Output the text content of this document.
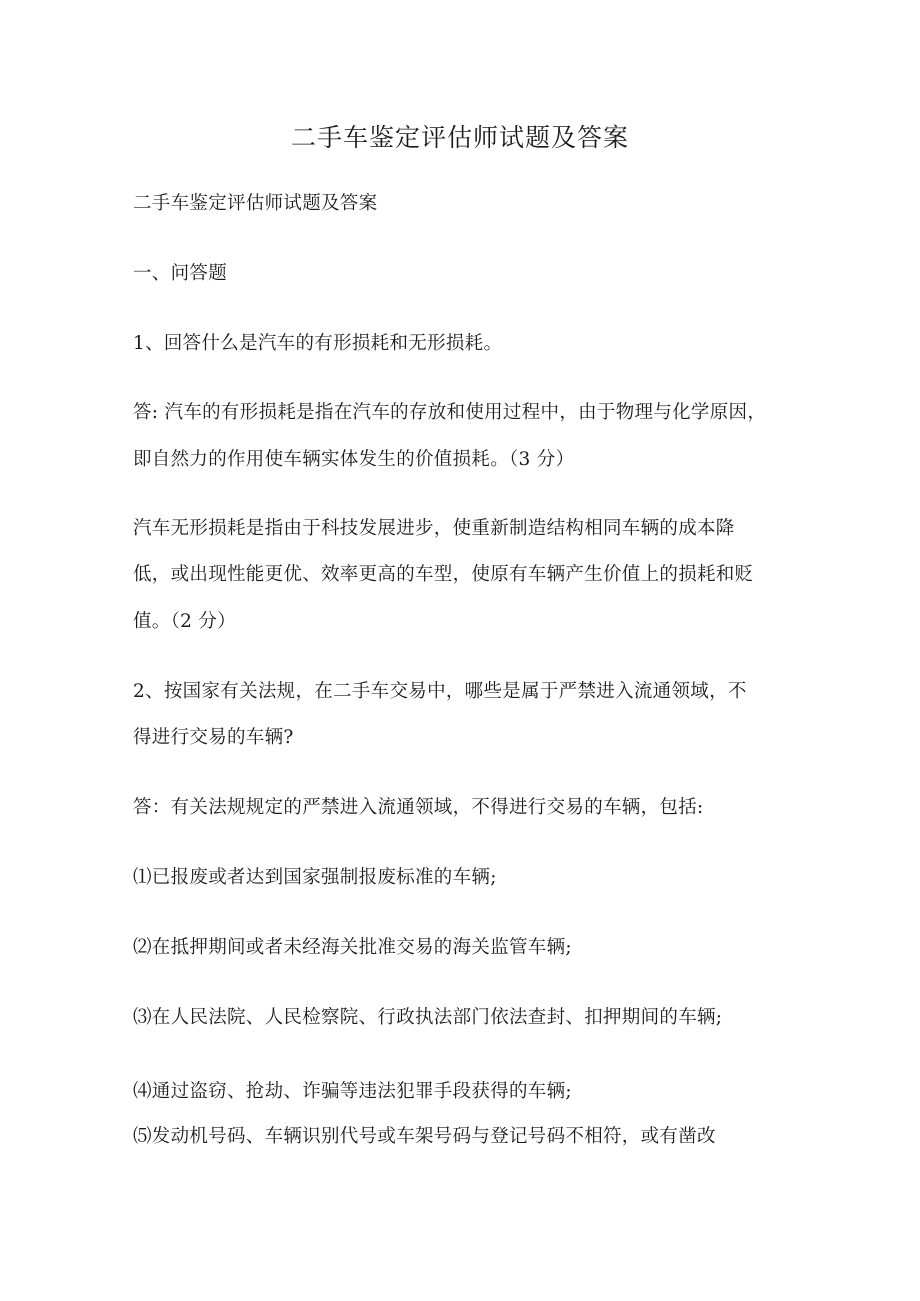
二手车鉴定评估师试题及答案
二手车鉴定评估师试题及答案
一、问答题
1、回答什么是汽车的有形损耗和无形损耗。
答: 汽车的有形损耗是指在汽车的存放和使用过程中，由于物理与化学原因，
即自然力的作用使车辆实体发生的价值损耗。（3 分）
汽车无形损耗是指由于科技发展进步，使重新制造结构相同车辆的成本降
低，或出现性能更优、效率更高的车型，使原有车辆产生价值上的损耗和贬
值。（2 分）
2、按国家有关法规，在二手车交易中，哪些是属于严禁进入流通领域，不
得进行交易的车辆?
答：有关法规规定的严禁进入流通领域，不得进行交易的车辆，包括:
⑴已报废或者达到国家强制报废标准的车辆;
⑵在抵押期间或者未经海关批准交易的海关监管车辆;
⑶在人民法院、人民检察院、行政执法部门依法查封、扣押期间的车辆;
⑷通过盗窃、抢劫、诈骗等违法犯罪手段获得的车辆;
⑸发动机号码、车辆识别代号或车架号码与登记号码不相符，或有凿改
